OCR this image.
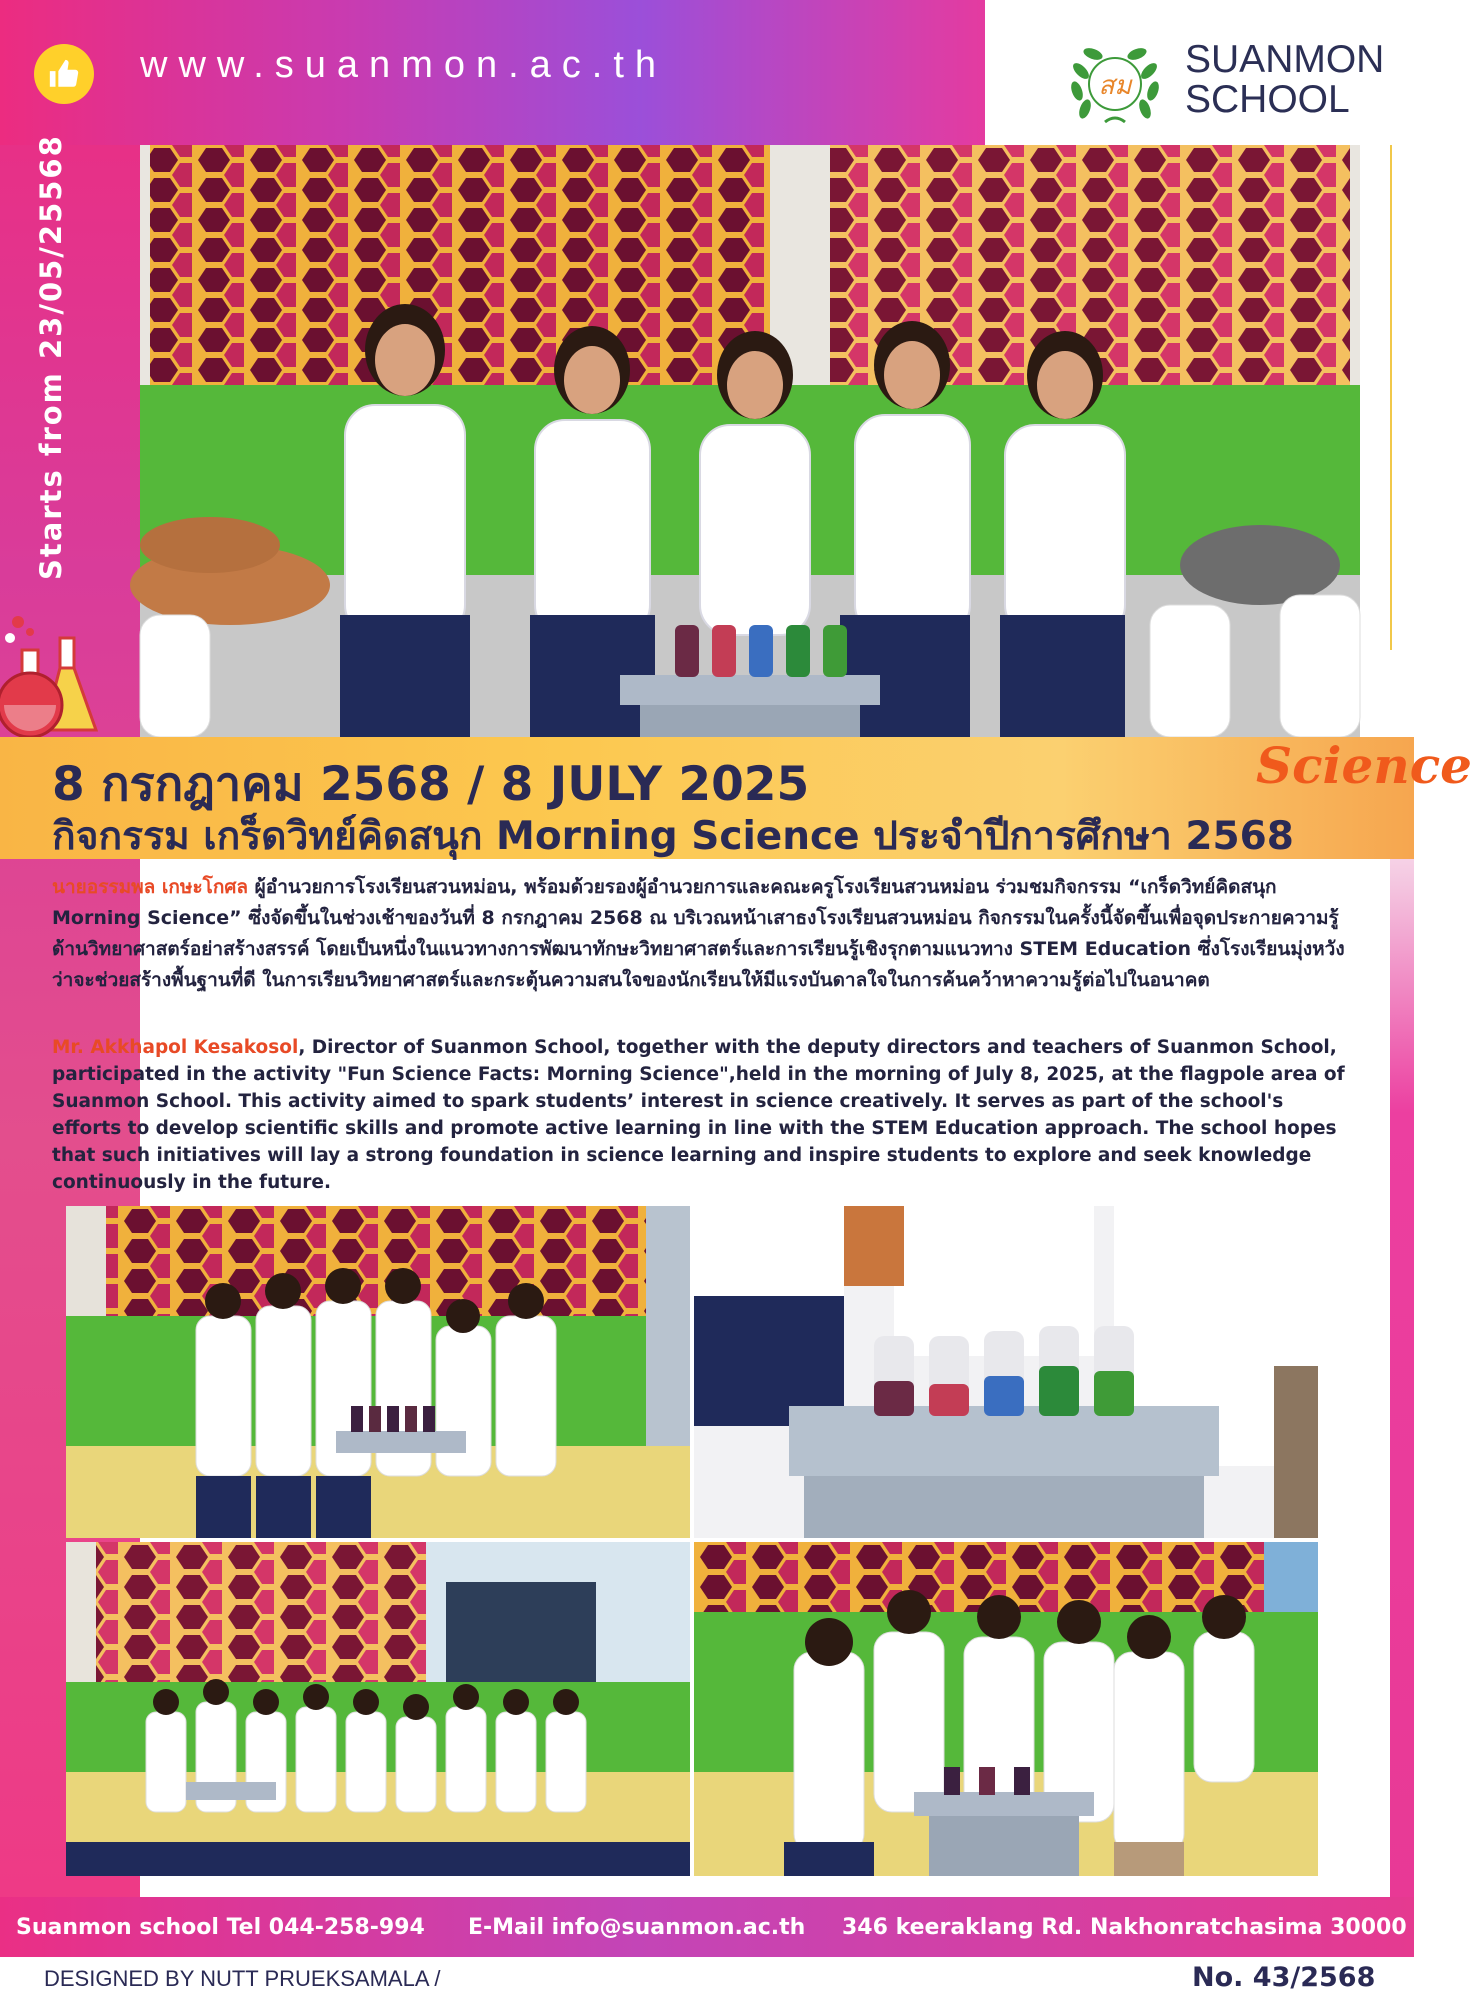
www.suanmon.ac.th
Starts from 23/05/25568
สม
SUANMON
SCHOOL
8 กรกฎาคม 2568 / 8 JULY 2025
กิจกรรม เกร็ดวิทย์คิดสนุก Morning Science ประจำปีการศึกษา 2568
Science
นายอรรมพล เกษะโกศล ผู้อำนวยการโรงเรียนสวนหม่อน, พร้อมด้วยรองผู้อำนวยการและคณะครูโรงเรียนสวนหม่อน ร่วมชมกิจกรรม “เกร็ดวิทย์คิดสนุก Morning Science” ซึ่งจัดขึ้นในช่วงเช้าของวันที่ 8 กรกฎาคม 2568 ณ บริเวณหน้าเสาธงโรงเรียนสวนหม่อน กิจกรรมในครั้งนี้จัดขึ้นเพื่อจุดประกายความรู้ด้านวิทยาศาสตร์อย่าสร้างสรรค์ โดยเป็นหนึ่งในแนวทางการพัฒนาทักษะวิทยาศาสตร์และการเรียนรู้เชิงรุกตามแนวทาง STEM Education ซึ่งโรงเรียนมุ่งหวังว่าจะช่วยสร้างพื้นฐานที่ดี ในการเรียนวิทยาศาสตร์และกระตุ้นความสนใจของนักเรียนให้มีแรงบันดาลใจในการค้นคว้าหาความรู้ต่อไปในอนาคต
Mr. Akkhapol Kesakosol, Director of Suanmon School, together with the deputy directors and teachers of Suanmon School, participated in the activity "Fun Science Facts: Morning Science",held in the morning of July 8, 2025, at the flagpole area of Suanmon School. This activity aimed to spark students’ interest in science creatively. It serves as part of the school's efforts to develop scientific skills and promote active learning in line with the STEM Education approach. The school hopes that such initiatives will lay a strong foundation in science learning and inspire students to explore and seek knowledge continuously in the future.
Suanmon school Tel 044-258-994 E-Mail info@suanmon.ac.th 346 keeraklang Rd. Nakhonratchasima 30000
DESIGNED BY NUTT PRUEKSAMALA /	No. 43/2568
